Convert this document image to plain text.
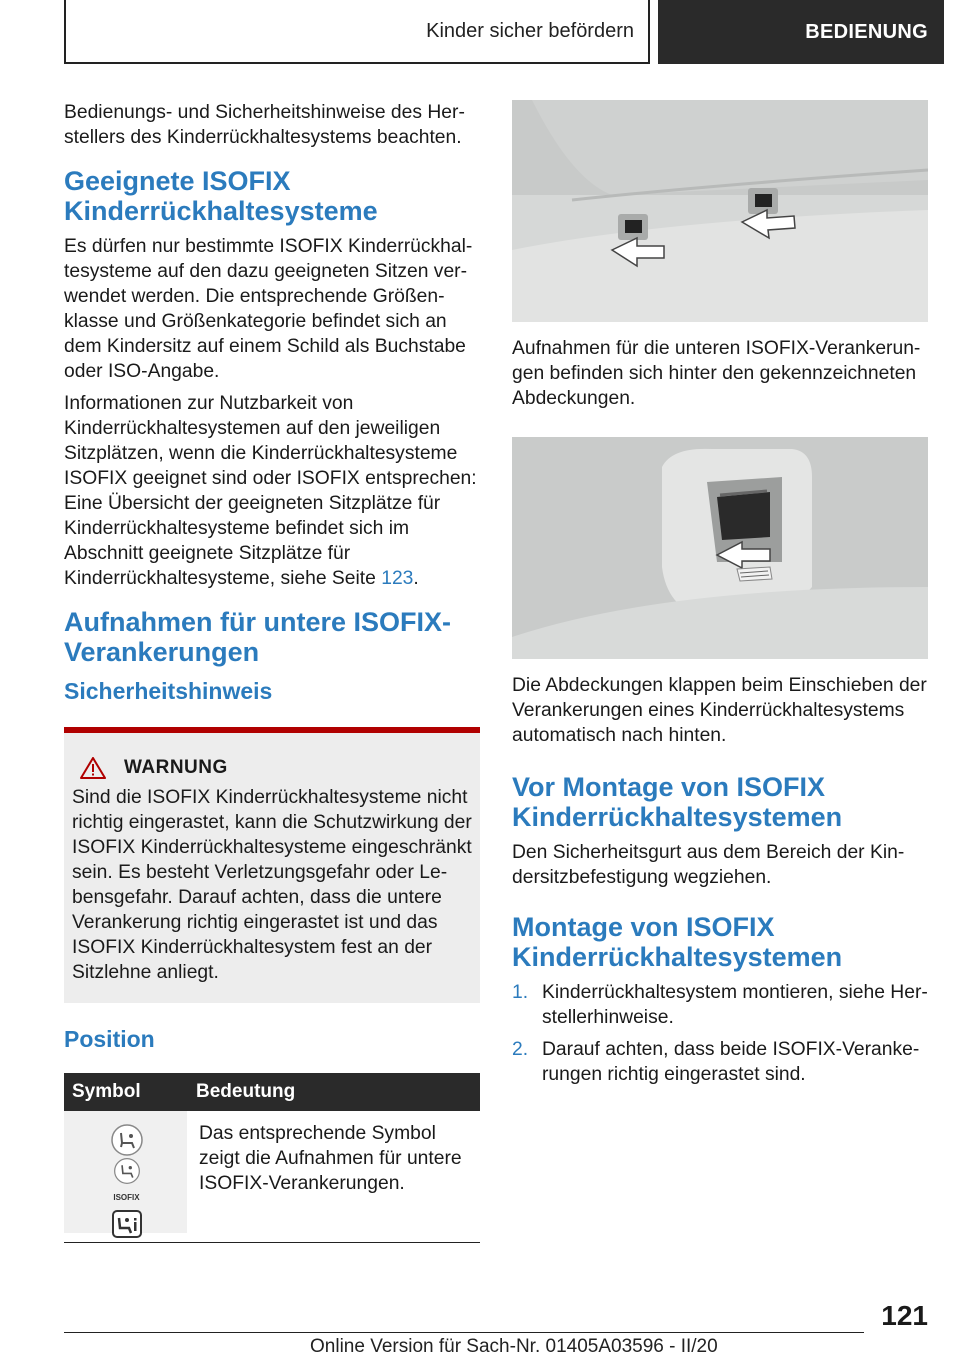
Kinder sicher befördern	BEDIENUNG

Bedienungs- und Sicherheitshinweise des Herstellers des Kinderrückhaltesystems beachten.

Geeignete ISOFIX Kinderrückhaltesysteme

Es dürfen nur bestimmte ISOFIX Kinderrückhaltesysteme auf den dazu geeigneten Sitzen verwendet werden. Die entsprechende Größenklasse und Größenkategorie befindet sich an dem Kindersitz auf einem Schild als Buchstabe oder ISO-Angabe.

Informationen zur Nutzbarkeit von Kinderrückhaltesystemen auf den jeweiligen Sitzplätzen, wenn die Kinderrückhaltesysteme ISOFIX geeignet sind oder ISOFIX entsprechen: Eine Übersicht der geeigneten Sitzplätze für Kinderrückhaltesysteme befindet sich im Abschnitt geeignete Sitzplätze für Kinderrückhaltesysteme, siehe Seite 123.

Aufnahmen für untere ISOFIX-Verankerungen
Sicherheitshinweis
WARNUNG

Sind die ISOFIX Kinderrückhaltesysteme nicht richtig eingerastet, kann die Schutzwirkung der ISOFIX Kinderrückhaltesysteme eingeschränkt sein. Es besteht Verletzungsgefahr oder Lebensgefahr. Darauf achten, dass die untere Verankerung richtig eingerastet ist und das ISOFIX Kinderrückhaltesystem fest an der Sitzlehne anliegt.

Position
Symbol	Bedeutung

ISOFIX	Das entsprechende Symbol zeigt die Aufnahmen für untere ISOFIX-Verankerungen.

Aufnahmen für die unteren ISOFIX-Verankerungen befinden sich hinter den gekennzeichneten Abdeckungen.

Die Abdeckungen klappen beim Einschieben der Verankerungen eines Kinderrückhaltesystems automatisch nach hinten.

Vor Montage von ISOFIX Kinderrückhaltesystemen

Den Sicherheitsgurt aus dem Bereich der Kindersitzbefestigung wegziehen.

Montage von ISOFIX Kinderrückhaltesystemen
1. Kinderrückhaltesystem montieren, siehe Herstellerhinweise.
2. Darauf achten, dass beide ISOFIX-Verankerungen richtig eingerastet sind.
121
Online Version für Sach-Nr. 01405A03596 - II/20
